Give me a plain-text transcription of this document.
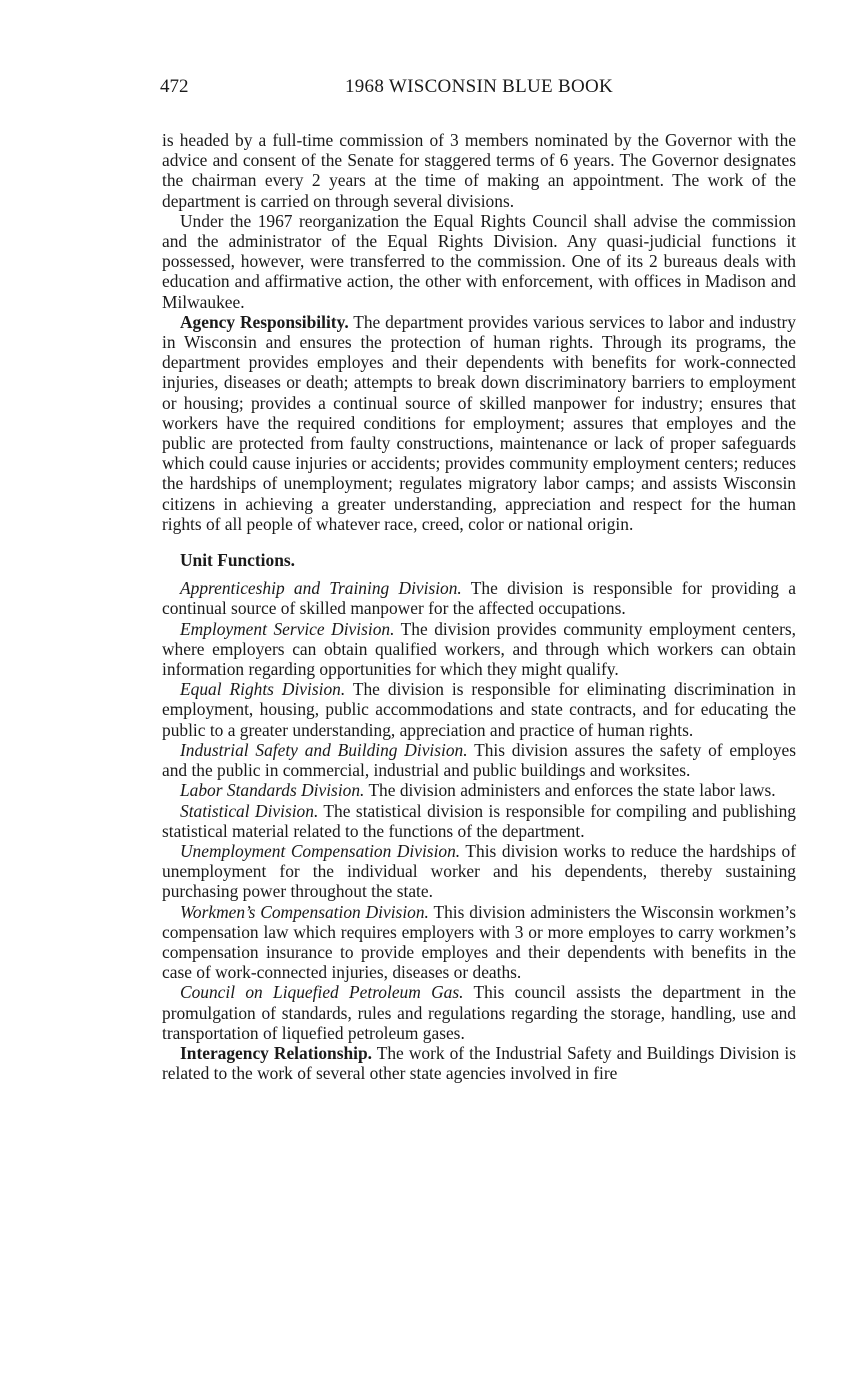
472	1968 WISCONSIN BLUE BOOK

is headed by a full-time commission of 3 members nominated by the Governor with the advice and consent of the Senate for staggered terms of 6 years. The Governor designates the chairman every 2 years at the time of making an appointment. The work of the department is carried on through several divisions.

Under the 1967 reorganization the Equal Rights Council shall advise the commission and the administrator of the Equal Rights Division. Any quasi-judicial functions it possessed, however, were transferred to the commission. One of its 2 bureaus deals with education and affirmative action, the other with enforcement, with offices in Madison and Milwaukee.

Agency Responsibility. The department provides various services to labor and industry in Wisconsin and ensures the protection of human rights. Through its programs, the department provides employes and their dependents with benefits for work-connected injuries, diseases or death; attempts to break down discriminatory barriers to employment or housing; provides a continual source of skilled manpower for industry; ensures that workers have the required conditions for employment; assures that employes and the public are protected from faulty constructions, maintenance or lack of proper safeguards which could cause injuries or accidents; provides community employment centers; reduces the hardships of unemployment; regulates migratory labor camps; and assists Wisconsin citizens in achieving a greater understanding, appreciation and respect for the human rights of all people of whatever race, creed, color or national origin.

Unit Functions.

Apprenticeship and Training Division. The division is responsible for providing a continual source of skilled manpower for the affected occupations.

Employment Service Division. The division provides community employment centers, where employers can obtain qualified workers, and through which workers can obtain information regarding opportunities for which they might qualify.

Equal Rights Division. The division is responsible for eliminating discrimination in employment, housing, public accommodations and state contracts, and for educating the public to a greater understanding, appreciation and practice of human rights.

Industrial Safety and Building Division. This division assures the safety of employes and the public in commercial, industrial and public buildings and worksites.

Labor Standards Division. The division administers and enforces the state labor laws.

Statistical Division. The statistical division is responsible for compiling and publishing statistical material related to the functions of the department.

Unemployment Compensation Division. This division works to reduce the hardships of unemployment for the individual worker and his dependents, thereby sustaining purchasing power throughout the state.

Workmen’s Compensation Division. This division administers the Wisconsin workmen’s compensation law which requires employers with 3 or more employes to carry workmen’s compensation insurance to provide employes and their dependents with benefits in the case of work-connected injuries, diseases or deaths.

Council on Liquefied Petroleum Gas. This council assists the department in the promulgation of standards, rules and regulations regarding the storage, handling, use and transportation of liquefied petroleum gases.

Interagency Relationship. The work of the Industrial Safety and Buildings Division is related to the work of several other state agencies involved in fire
